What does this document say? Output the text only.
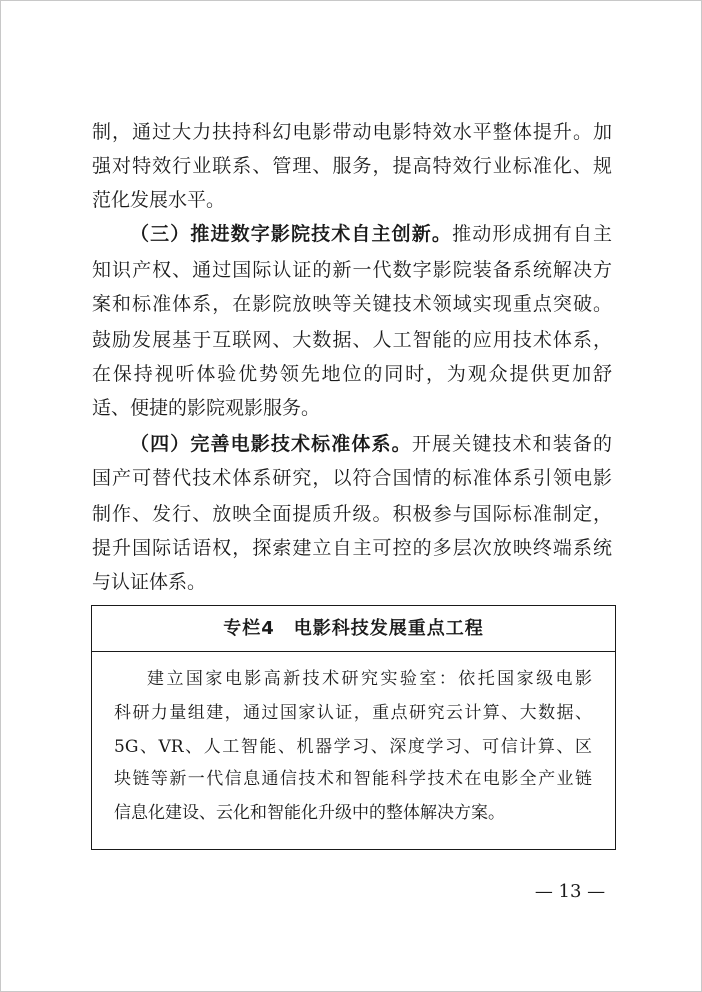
制，通过大力扶持科幻电影带动电影特效水平整体提升。加
强对特效行业联系、管理、服务，提高特效行业标准化、规
范化发展水平。
（三）推进数字影院技术自主创新。推动形成拥有自主
知识产权、通过国际认证的新一代数字影院装备系统解决方
案和标准体系，在影院放映等关键技术领域实现重点突破。
鼓励发展基于互联网、大数据、人工智能的应用技术体系，
在保持视听体验优势领先地位的同时，为观众提供更加舒
适、便捷的影院观影服务。
（四）完善电影技术标准体系。开展关键技术和装备的
国产可替代技术体系研究，以符合国情的标准体系引领电影
制作、发行、放映全面提质升级。积极参与国际标准制定，
提升国际话语权，探索建立自主可控的多层次放映终端系统
与认证体系。
专栏4　电影科技发展重点工程
建立国家电影高新技术研究实验室：依托国家级电影
科研力量组建，通过国家认证，重点研究云计算、大数据、
5G、VR、人工智能、机器学习、深度学习、可信计算、区
块链等新一代信息通信技术和智能科学技术在电影全产业链
信息化建设、云化和智能化升级中的整体解决方案。
— 13 —
